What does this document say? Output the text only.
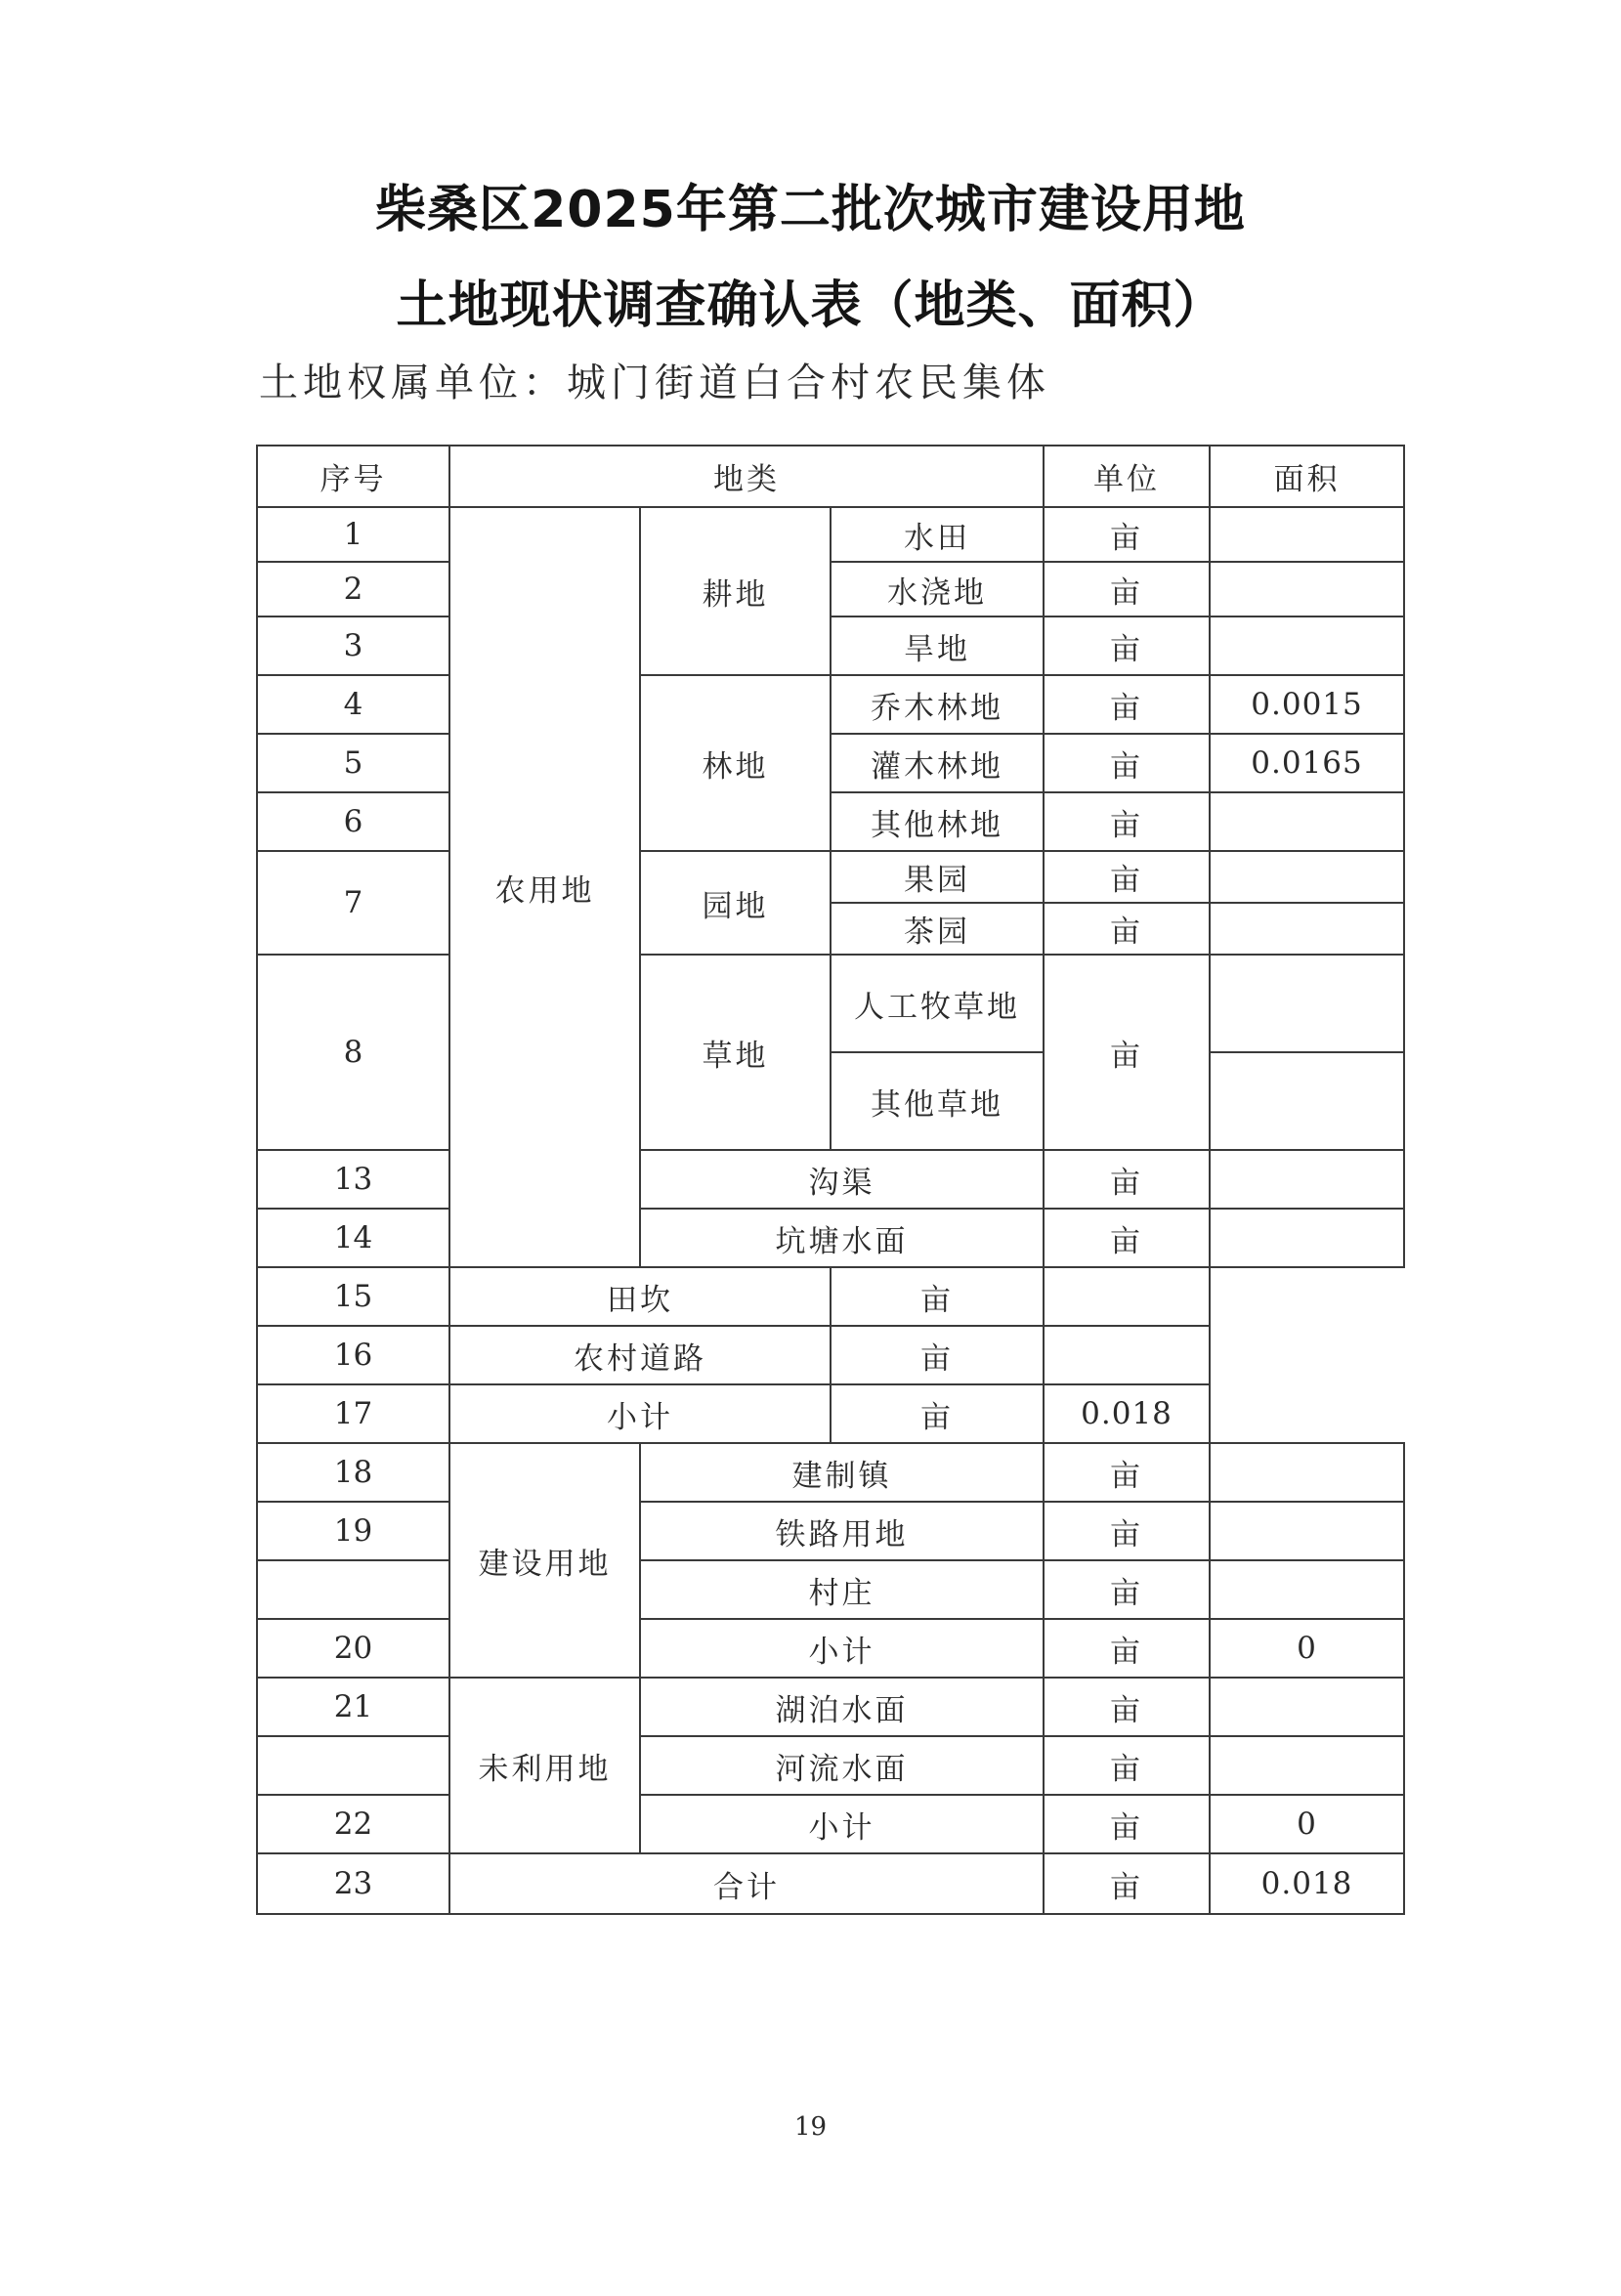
柴桑区2025年第二批次城市建设用地
土地现状调查确认表（地类、面积）
土地权属单位：城门街道白合村农民集体
序号	地类			单位	面积
1	农用地	耕地	水田	亩	
2			水浇地	亩	
3			旱地	亩	
4		林地	乔木林地	亩	0.0015
5			灌木林地	亩	0.0165
6			其他林地	亩	
7		园地	果园	亩	
			茶园	亩	
8		草地	人工牧草地	亩	
			其他草地		
13		沟渠		亩	
14		坑塘水面		亩	
15	田坎		亩		
16	农村道路		亩		
17	小计		亩	0.018	
18	建设用地	建制镇		亩	
19		铁路用地		亩	
		村庄		亩	
20		小计		亩	0
21	未利用地	湖泊水面		亩	
		河流水面		亩	
22		小计		亩	0
23	合计			亩	0.018
19
